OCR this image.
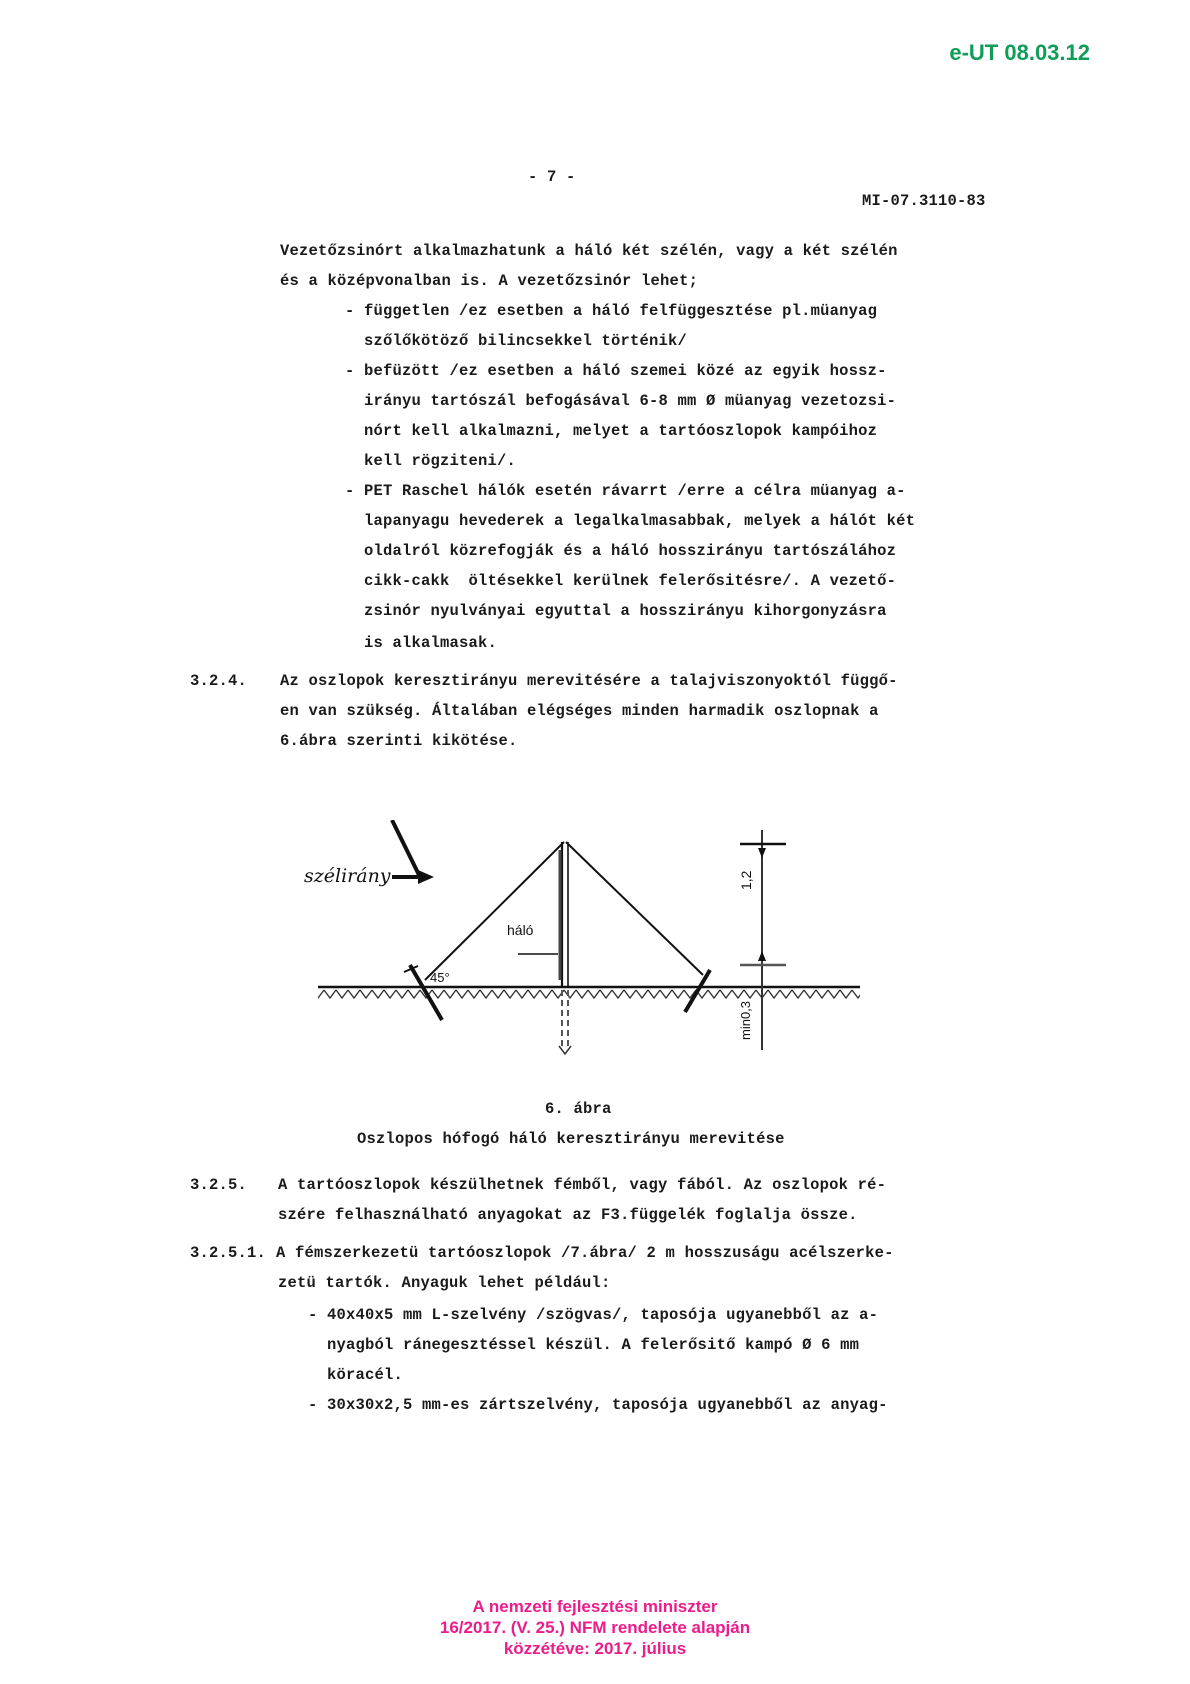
e-UT 08.03.12
- 7 -
MI-07.3110-83
Vezetőzsinórt alkalmazhatunk a háló két szélén, vagy a két szélén
és a középvonalban is. A vezetőzsinór lehet;
- független /ez esetben a háló felfüggesztése pl.müanyag
szőlőkötöző bilincsekkel történik/
- befüzött /ez esetben a háló szemei közé az egyik hossz-
irányu tartószál befogásával 6-8 mm Ø müanyag vezetozsi-
nórt kell alkalmazni, melyet a tartóoszlopok kampóihoz
kell rögziteni/.
- PET Raschel hálók esetén rávarrt /erre a célra müanyag a-
lapanyagu hevederek a legalkalmasabbak, melyek a hálót két
oldalról közrefogják és a háló hosszirányu tartószálához
cikk-cakk  öltésekkel kerülnek felerősitésre/. A vezető-
zsinór nyulványai egyuttal a hosszirányu kihorgonyzásra
is alkalmasak.
3.2.4. Az oszlopok keresztirányu merevitésére a talajviszonyoktól függő-
en van szükség. Általában elégséges minden harmadik oszlopnak a
6.ábra szerinti kikötése.
szélirány
háló
45°
1,2
min0,3
6. ábra
Oszlopos hófogó háló keresztirányu merevitése
3.2.5. A tartóoszlopok készülhetnek fémből, vagy fából. Az oszlopok ré-
szére felhasználható anyagokat az F3.függelék foglalja össze.
3.2.5.1. A fémszerkezetü tartóoszlopok /7.ábra/ 2 m hosszuságu acélszerke-
zetü tartók. Anyaguk lehet például:
- 40x40x5 mm L-szelvény /szögvas/, taposója ugyanebből az a-
nyagból ránegesztéssel készül. A felerősitő kampó Ø 6 mm
köracél.
- 30x30x2,5 mm-es zártszelvény, taposója ugyanebből az anyag-
A nemzeti fejlesztési miniszter
16/2017. (V. 25.) NFM rendelete alapján
közzétéve: 2017. július
